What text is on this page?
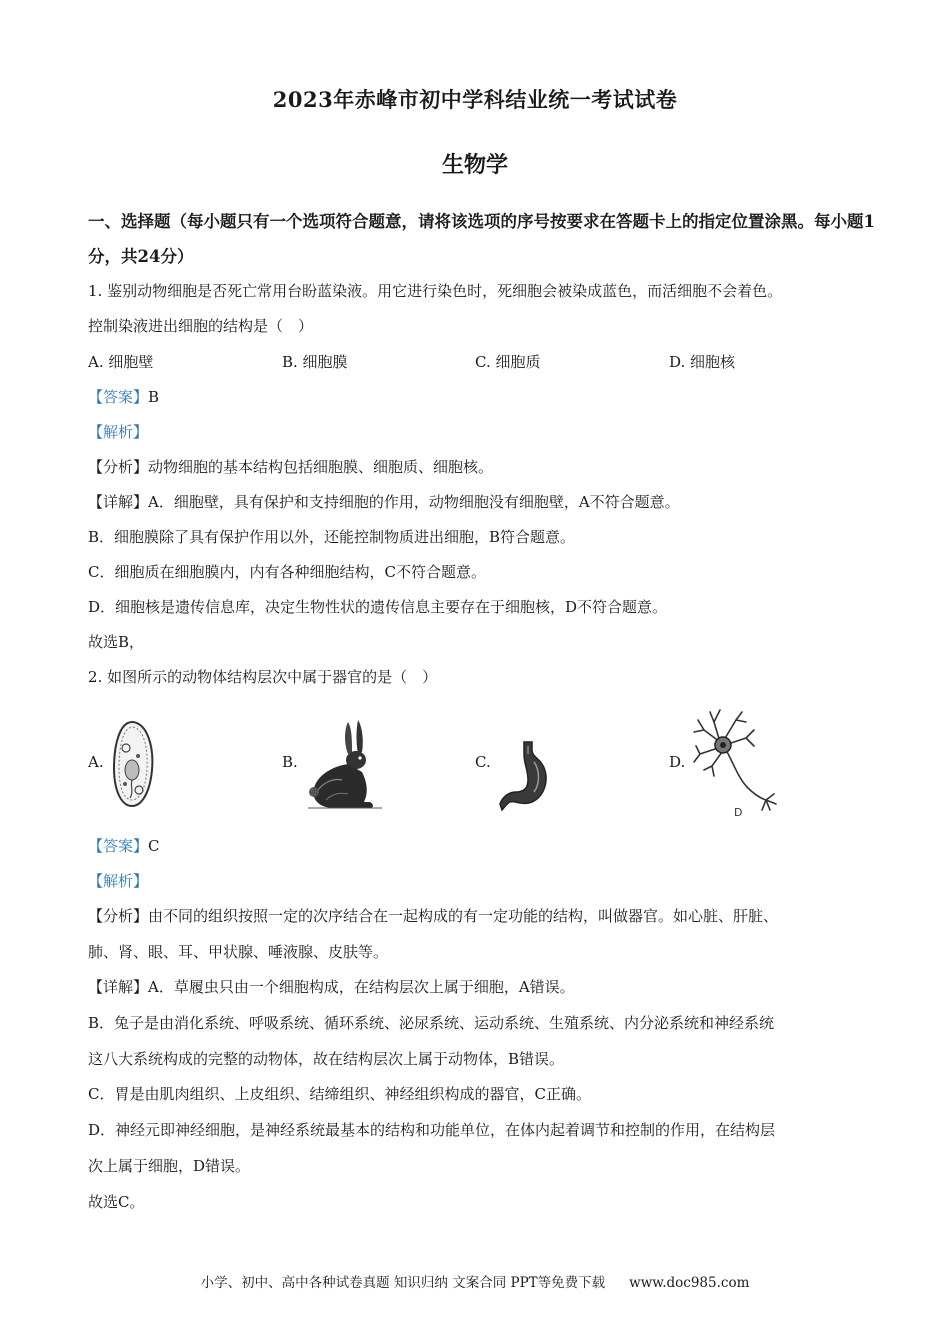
2023年赤峰市初中学科结业统一考试试卷
生物学
一、选择题（每小题只有一个选项符合题意，请将该选项的序号按要求在答题卡上的指定位置涂黑。每小题1分，共24分）
1. 鉴别动物细胞是否死亡常用台盼蓝染液。用它进行染色时，死细胞会被染成蓝色，而活细胞不会着色。
控制染液进出细胞的结构是（　）
A. 细胞壁	B. 细胞膜	C. 细胞质	D. 细胞核
【答案】B
【解析】
【分析】动物细胞的基本结构包括细胞膜、细胞质、细胞核。
【详解】A．细胞壁，具有保护和支持细胞的作用，动物细胞没有细胞壁，A不符合题意。
B．细胞膜除了具有保护作用以外，还能控制物质进出细胞，B符合题意。
C．细胞质在细胞膜内，内有各种细胞结构，C不符合题意。
D．细胞核是遗传信息库，决定生物性状的遗传信息主要存在于细胞核，D不符合题意。
故选B，
2. 如图所示的动物体结构层次中属于器官的是（　）
A.	B.	C.	D.
D
【答案】C
【解析】
【分析】由不同的组织按照一定的次序结合在一起构成的有一定功能的结构，叫做器官。如心脏、肝脏、
肺、肾、眼、耳、甲状腺、唾液腺、皮肤等。
【详解】A．草履虫只由一个细胞构成，在结构层次上属于细胞，A错误。
B．兔子是由消化系统、呼吸系统、循环系统、泌尿系统、运动系统、生殖系统、内分泌系统和神经系统
这八大系统构成的完整的动物体，故在结构层次上属于动物体，B错误。
C．胃是由肌肉组织、上皮组织、结缔组织、神经组织构成的器官，C正确。
D．神经元即神经细胞，是神经系统最基本的结构和功能单位，在体内起着调节和控制的作用，在结构层
次上属于细胞，D错误。
故选C。
小学、初中、高中各种试卷真题 知识归纳 文案合同 PPT等免费下载 www.doc985.com
